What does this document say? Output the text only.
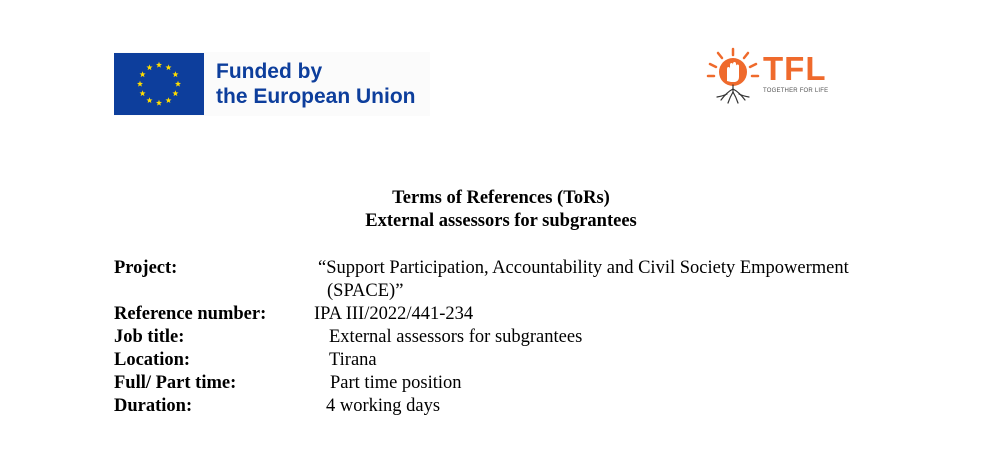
Funded by
the European Union
TFL
TOGETHER FOR LIFE
Terms of References (ToRs)
External assessors for subgrantees
Project:	“Support Participation, Accountability and Civil Society Empowerment
(SPACE)”
Reference number:	IPA III/2022/441-234
Job title:	External assessors for subgrantees
Location:	Tirana
Full/ Part time:	Part time position
Duration:	4 working days
